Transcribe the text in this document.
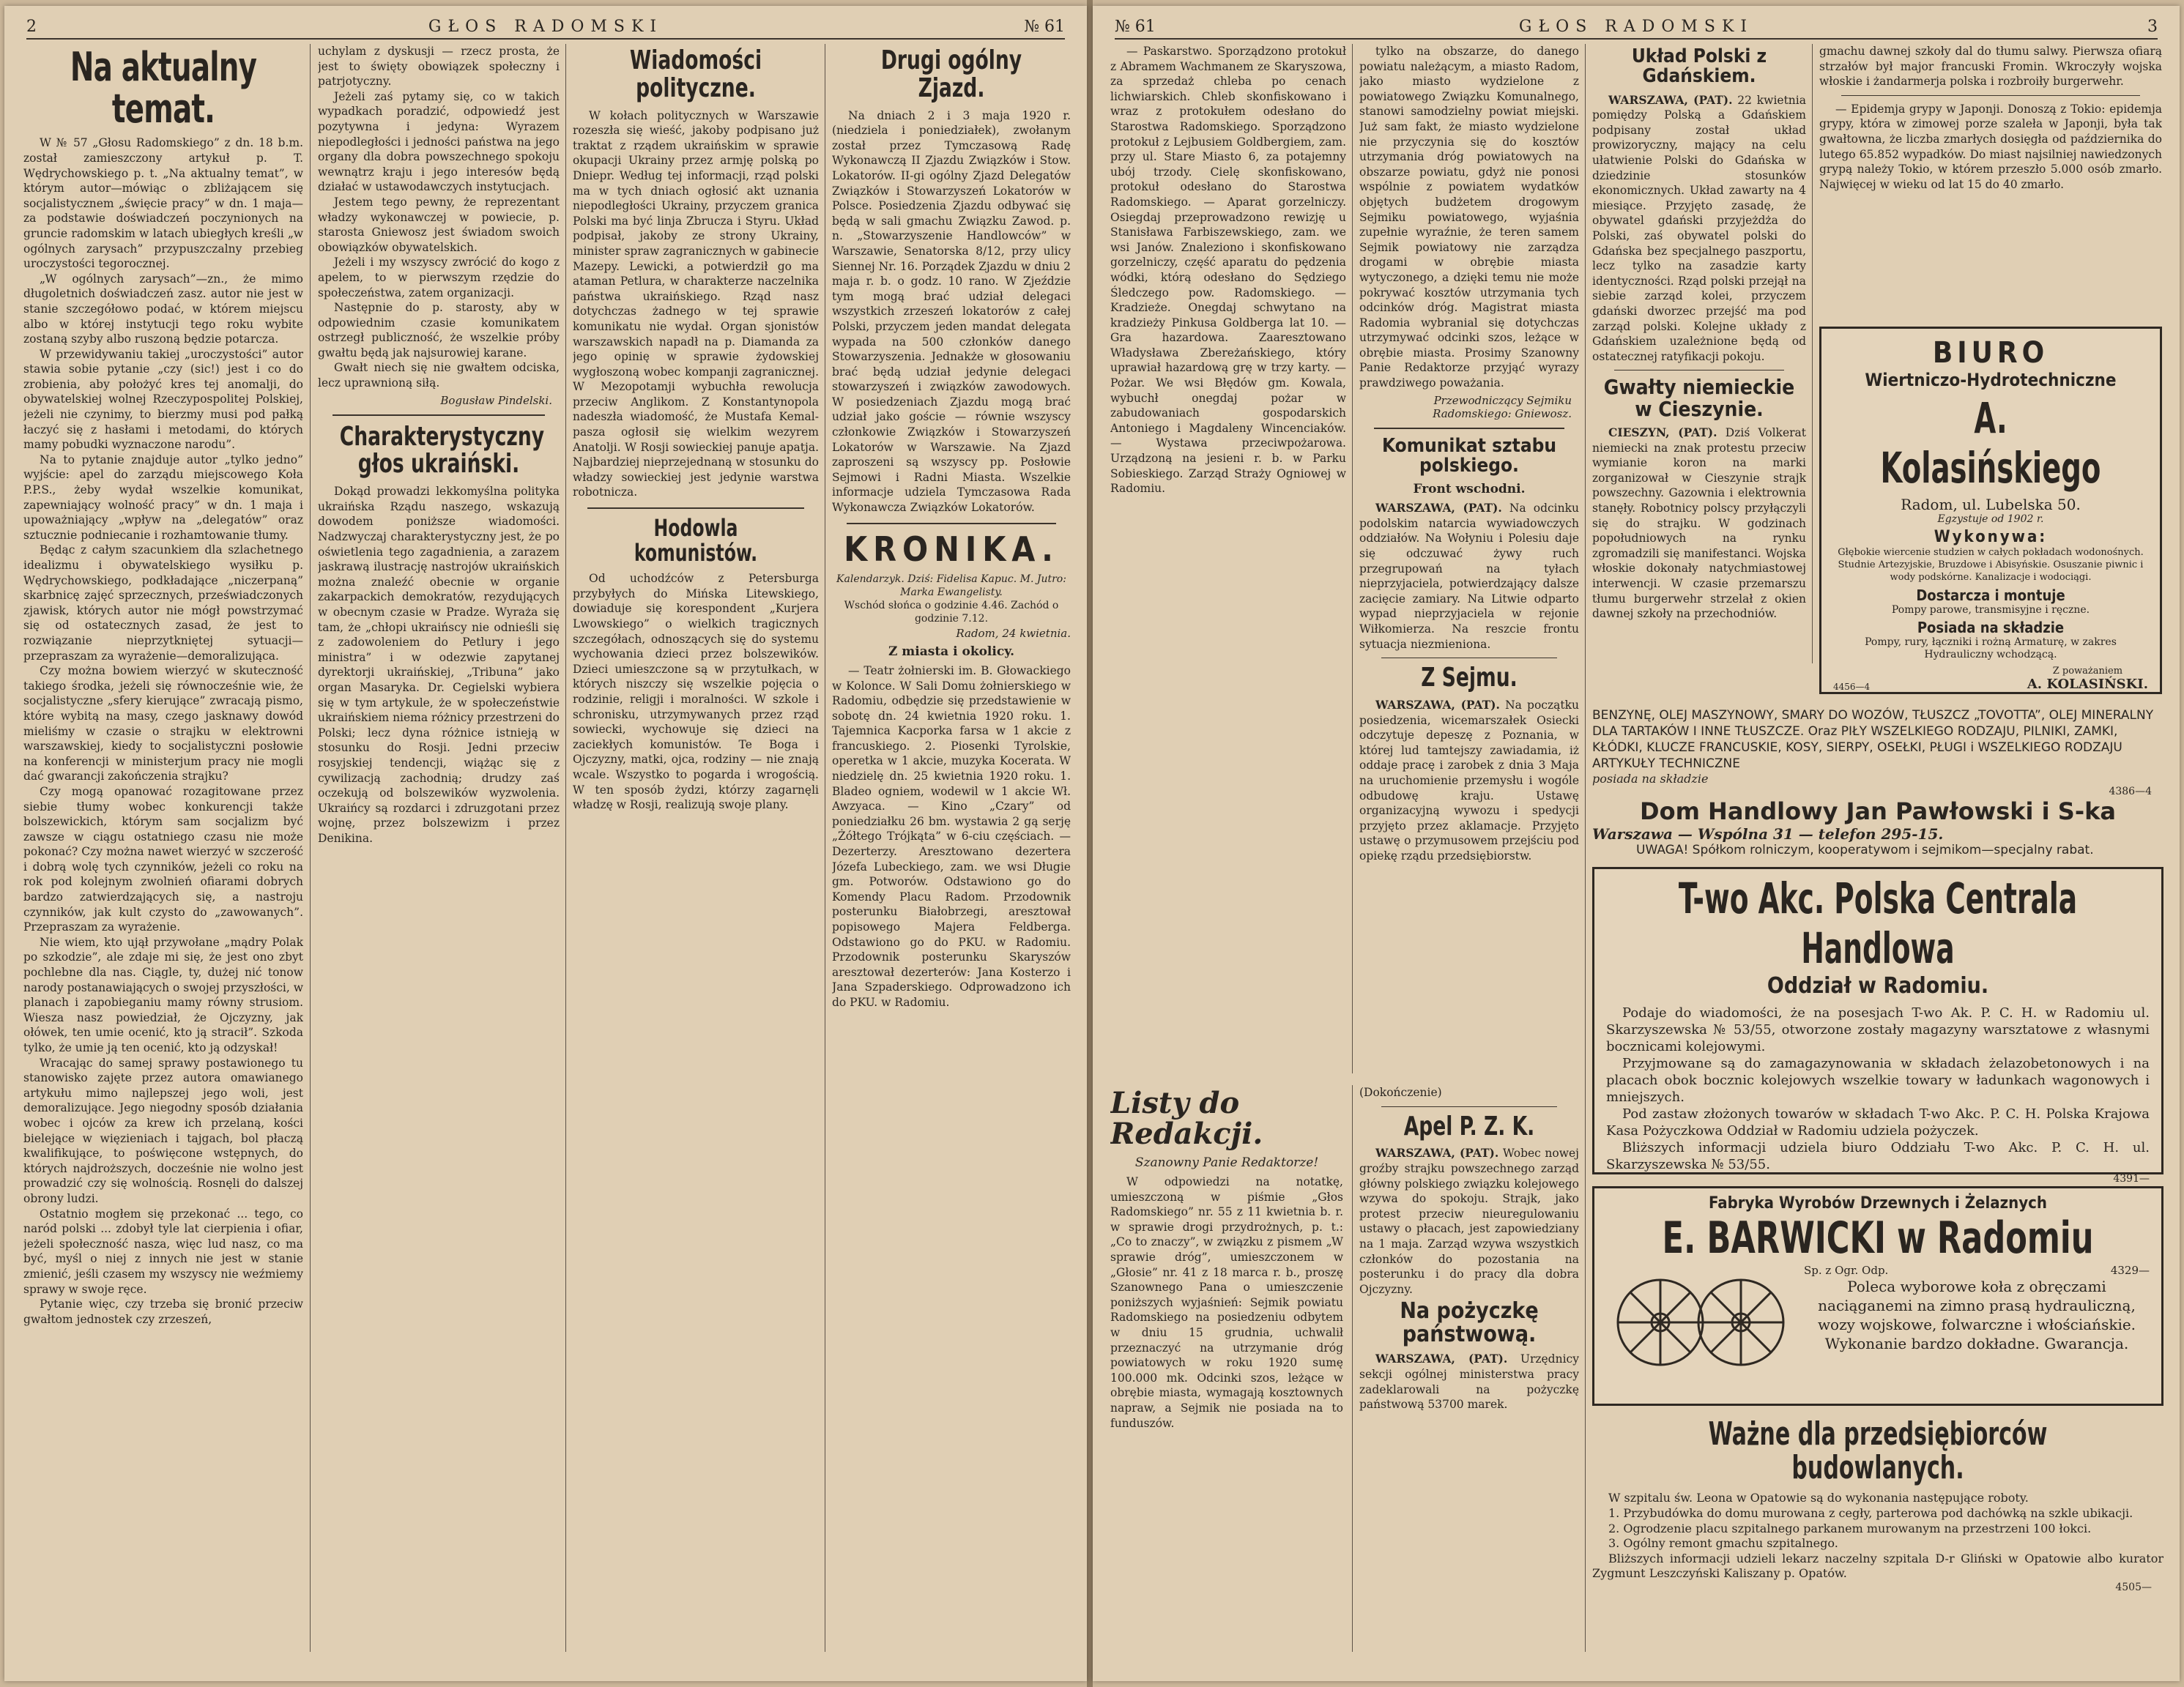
2	GŁOS RADOMSKI	№ 61
Na aktualny temat.

W № 57 „Głosu Radomskiego” z dn. 18 b.m. został zamieszczony artykuł p. T. Wędrychowskiego p. t. „Na aktualny temat”, w którym autor—mówiąc o zbliżającem się socjalistycznem „święcie pracy” w dn. 1 maja—za podstawie doświadczeń poczynionych na gruncie radomskim w latach ubiegłych kreśli „w ogólnych zarysach” przypuszczalny przebieg uroczystości tegorocznej.

„W ogólnych zarysach”—zn., że mimo długoletnich doświadczeń zasz. autor nie jest w stanie szczegółowo podać, w którem miejscu albo w której instytucji tego roku wybite zostaną szyby albo ruszoną będzie potarcza.

W przewidywaniu takiej „uroczystości” autor stawia sobie pytanie „czy (sic!) jest i co do zrobienia, aby położyć kres tej anomalji, do obywatelskiej wolnej Rzeczypospolitej Polskiej, jeżeli nie czynimy, to bierzmy musi pod pałką łaczyć się z hasłami i metodami, do których mamy pobudki wyznaczone narodu”.

Na to pytanie znajduje autor „tylko jedno” wyjście: apel do zarządu miejscowego Koła P.P.S., żeby wydał wszelkie komunikat, zapewniający wolność pracy” w dn. 1 maja i upoważniający „wpływ na „delegatów” oraz sztucznie podniecanie i rozhamtowanie tłumy.

Będąc z całym szacunkiem dla szlachetnego idealizmu i obywatelskiego wysiłku p. Wędrychowskiego, podkładające „niczerpaną” skarbnicę zajęć sprzecznych, przeświadczonych zjawisk, których autor nie mógł powstrzymać się od ostatecznych zasad, że jest to rozwiązanie nieprzytkniętej sytuacji—przepraszam za wyrażenie—demoralizująca.

Czy można bowiem wierzyć w skuteczność takiego środka, jeżeli się równocześnie wie, że socjalistyczne „sfery kierujące” zwracają pismo, które wybitą na masy, czego jasknawy dowód mieliśmy w czasie o strajku w elektrowni warszawskiej, kiedy to socjalistyczni posłowie na konferencji w ministerjum pracy nie mogli dać gwarancji zakończenia strajku?

Czy mogą opanować rozagitowane przez siebie tłumy wobec konkurencji także bolszewickich, którym sam socjalizm być zawsze w ciągu ostatniego czasu nie może pokonać? Czy można nawet wierzyć w szczerość i dobrą wolę tych czynników, jeżeli co roku na rok pod kolejnym zwolnień ofiarami dobrych bardzo zatwierdzających się, a nastroju czynników, jak kult czysto do „zawowanych”. Przepraszam za wyrażenie.

Nie wiem, kto ujął przywołane „mądry Polak po szkodzie”, ale zdaje mi się, że jest ono zbyt pochlebne dla nas. Ciągle, ty, dużej nić tonow narody postanawiających o swojej przyszłości, w planach i zapobieganiu mamy równy strusiom. Wiesza nasz powiedział, że Ojczyzny, jak ołówek, ten umie ocenić, kto ją stracił”. Szkoda tylko, że umie ją ten ocenić, kto ją odzyskał!

Wracając do samej sprawy postawionego tu stanowisko zajęte przez autora omawianego artykułu mimo najlepszej jego woli, jest demoralizujące. Jego niegodny sposób działania wobec i ojców za krew ich przelaną, kości bielejące w więzieniach i tajgach, bol płaczą kwalifikujące, to poświęcone wstępnych, do których najdroższych, docześnie nie wolno jest prowadzić czy się wolnością. Rosnęli do dalszej obrony ludzi.

Ostatnio mogłem się przekonać ... tego, co naród polski ... zdobył tyle lat cierpienia i ofiar, jeżeli społeczność nasza, więc lud nasz, co ma być, myśl o niej z innych nie jest w stanie zmienić, jeśli czasem my wszyscy nie weźmiemy sprawy w swoje ręce.

Pytanie więc, czy trzeba się bronić przeciw gwałtom jednostek czy zrzeszeń,

uchylam z dyskusji — rzecz prosta, że jest to święty obowiązek społeczny i patrjotyczny.

Jeżeli zaś pytamy się, co w takich wypadkach poradzić, odpowiedź jest pozytywna i jedyna: Wyrazem niepodległości i jedności państwa na jego organy dla dobra powszechnego spokoju wewnątrz kraju i jego interesów będą działać w ustawodawczych instytucjach.

Jestem tego pewny, że reprezentant władzy wykonawczej w powiecie, p. starosta Gniewosz jest świadom swoich obowiązków obywatelskich.

Jeżeli i my wszyscy zwrócić do kogo z apelem, to w pierwszym rzędzie do społeczeństwa, zatem organizacji.

Następnie do p. starosty, aby w odpowiednim czasie komunikatem ostrzegł publiczność, że wszelkie próby gwałtu będą jak najsurowiej karane.

Gwałt niech się nie gwałtem odciska, lecz uprawnioną siłą.

Bogusław Pindelski.
Charakterystyczny głos ukraiński.

Dokąd prowadzi lekkomyślna polityka ukraińska Rządu naszego, wskazują dowodem poniższe wiadomości. Nadzwyczaj charakterystyczny jest, że po oświetlenia tego zagadnienia, a zarazem jaskrawą ilustrację nastrojów ukraińskich można znaleźć obecnie w organie zakarpackich demokratów, rezydujących w obecnym czasie w Pradze. Wyraża się tam, że „chłopi ukraińscy nie odnieśli się z zadowoleniem do Petlury i jego ministra” i w odezwie zapytanej dyrektorji ukraińskiej, „Tribuna” jako organ Masaryka. Dr. Cegielski wybiera się w tym artykule, że w społeczeństwie ukraińskiem niema różnicy przestrzeni do Polski; lecz dyna różnice istnieją w stosunku do Rosji. Jedni przeciw rosyjskiej tendencji, wiążąc się z cywilizacją zachodnią; drudzy zaś oczekują od bolszewików wyzwolenia. Ukraińcy są rozdarci i zdruzgotani przez wojnę, przez bolszewizm i przez Denikina.

Wiadomości polityczne.

W kołach politycznych w Warszawie rozeszła się wieść, jakoby podpisano już traktat z rządem ukraińskim w sprawie okupacji Ukrainy przez armję polską po Dniepr. Według tej informacji, rząd polski ma w tych dniach ogłosić akt uznania niepodległości Ukrainy, przyczem granica Polski ma być linja Zbrucza i Styru. Układ podpisał, jakoby ze strony Ukrainy, minister spraw zagranicznych w gabinecie Mazepy. Lewicki, a potwierdził go ma ataman Petlura, w charakterze naczelnika państwa ukraińskiego. Rząd nasz dotychczas żadnego w tej sprawie komunikatu nie wydał. Organ sjonistów warszawskich napadł na p. Diamanda za jego opinię w sprawie żydowskiej wygłoszoną wobec kompanji zagranicznej. W Mezopotamji wybuchła rewolucja przeciw Anglikom. Z Konstantynopola nadeszła wiadomość, że Mustafa Kemal-pasza ogłosił się wielkim wezyrem Anatolji. W Rosji sowieckiej panuje apatja. Najbardziej nieprzejednaną w stosunku do władzy sowieckiej jest jedynie warstwa robotnicza.

Hodowla komunistów.

Od uchodźców z Petersburga przybyłych do Mińska Litewskiego, dowiaduje się korespondent „Kurjera Lwowskiego” o wielkich tragicznych szczegółach, odnoszących się do systemu wychowania dzieci przez bolszewików. Dzieci umieszczone są w przytułkach, w których niszczy się wszelkie pojęcia o rodzinie, religji i moralności. W szkole i schronisku, utrzymywanych przez rząd sowiecki, wychowuje się dzieci na zaciekłych komunistów. Te Boga i Ojczyzny, matki, ojca, rodziny — nie znają wcale. Wszystko to pogarda i wrogością. W ten sposób żydzi, którzy zagarnęli władzę w Rosji, realizują swoje plany.

Drugi ogólny Zjazd.

Na dniach 2 i 3 maja 1920 r. (niedziela i poniedziałek), zwołanym został przez Tymczasową Radę Wykonawczą II Zjazdu Związków i Stow. Lokatorów. II-gi ogólny Zjazd Delegatów Związków i Stowarzyszeń Lokatorów w Polsce. Posiedzenia Zjazdu odbywać się będą w sali gmachu Związku Zawod. p. n. „Stowarzyszenie Handlowców” w Warszawie, Senatorska 8/12, przy ulicy Siennej Nr. 16. Porządek Zjazdu w dniu 2 maja r. b. o godz. 10 rano. W Zjeździe tym mogą brać udział delegaci wszystkich zrzeszeń lokatorów z całej Polski, przyczem jeden mandat delegata wypada na 500 członków danego Stowarzyszenia. Jednakże w głosowaniu brać będą udział jedynie delegaci stowarzyszeń i związków zawodowych. W posiedzeniach Zjazdu mogą brać udział jako goście — równie wszyscy członkowie Związków i Stowarzyszeń Lokatorów w Warszawie. Na Zjazd zaproszeni są wszyscy pp. Posłowie Sejmowi i Radni Miasta. Wszelkie informacje udziela Tymczasowa Rada Wykonawcza Związków Lokatorów.

KRONIKA.
Kalendarzyk. Dziś: Fidelisa Kapuc. M. Jutro: Marka Ewangelisty.
Wschód słońca o godzinie 4.46. Zachód o godzinie 7.12.
Radom, 24 kwietnia.
Z miasta i okolicy.

— Teatr żołnierski im. B. Głowackiego w Kolonce. W Sali Domu żołnierskiego w Radomiu, odbędzie się przedstawienie w sobotę dn. 24 kwietnia 1920 roku. 1. Tajemnica Kacporka farsa w 1 akcie z francuskiego. 2. Piosenki Tyrolskie, operetka w 1 akcie, muzyka Kocerata. W niedzielę dn. 25 kwietnia 1920 roku. 1. Bladeo ogniem, wodewil w 1 akcie Wł. Awzyaca. — Kino „Czary” od poniedziałku 26 bm. wystawia 2 gą serję „Żółtego Trójkąta” w 6-ciu częściach. — Dezerterzy. Aresztowano dezertera Józefa Lubeckiego, zam. we wsi Długie gm. Potworów. Odstawiono go do Komendy Placu Radom. Przodownik posterunku Białobrzegi, aresztował popisowego Majera Feldberga. Odstawiono go do PKU. w Radomiu. Przodownik posterunku Skaryszów aresztował dezerterów: Jana Kosterzo i Jana Szpaderskiego. Odprowadzono ich do PKU. w Radomiu.

№ 61	GŁOS RADOMSKI	3

— Paskarstwo. Sporządzono protokuł z Abramem Wachmanem ze Skaryszowa, za sprzedaż chleba po cenach lichwiarskich. Chleb skonfiskowano i wraz z protokułem odesłano do Starostwa Radomskiego. Sporządzono protokuł z Lejbusiem Goldbergiem, zam. przy ul. Stare Miasto 6, za potajemny ubój trzody. Cielę skonfiskowano, protokuł odesłano do Starostwa Radomskiego. — Aparat gorzelniczy. Osiegdaj przeprowadzono rewizję u Stanisława Farbiszewskiego, zam. we wsi Janów. Znaleziono i skonfiskowano gorzelniczy, część aparatu do pędzenia wódki, którą odesłano do Sędziego Śledczego pow. Radomskiego. — Kradzieże. Onegdaj schwytano na kradzieży Pinkusa Goldberga lat 10. — Gra hazardowa. Zaaresztowano Władysława Zbereżańskiego, który uprawiał hazardową grę w trzy karty. — Pożar. We wsi Błędów gm. Kowala, wybuchł onegdaj pożar w zabudowaniach gospodarskich Antoniego i Magdaleny Wincenciaków. — Wystawa przeciwpożarowa. Urządzoną na jesieni r. b. w Parku Sobieskiego. Zarząd Straży Ogniowej w Radomiu.

tylko na obszarze, do danego powiatu należącym, a miasto Radom, jako miasto wydzielone z powiatowego Związku Komunalnego, stanowi samodzielny powiat miejski. Już sam fakt, że miasto wydzielone nie przyczynia się do kosztów utrzymania dróg powiatowych na obszarze powiatu, gdyż nie ponosi wspólnie z powiatem wydatków objętych budżetem drogowym Sejmiku powiatowego, wyjaśnia zupełnie wyraźnie, że teren samem Sejmik powiatowy nie zarządza drogami w obrębie miasta wytyczonego, a dzięki temu nie może pokrywać kosztów utrzymania tych odcinków dróg. Magistrat miasta Radomia wybranial się dotychczas utrzymywać odcinki szos, leżące w obrębie miasta. Prosimy Szanowny Panie Redaktorze przyjąć wyrazy prawdziwego poważania.

Przewodniczący Sejmiku Radomskiego: Gniewosz.
Komunikat sztabu polskiego.
Front wschodni.

WARSZAWA, (PAT). Na odcinku podolskim natarcia wywiadowczych oddziałów. Na Wołyniu i Polesiu daje się odczuwać żywy ruch przegrupowań na tyłach nieprzyjaciela, potwierdzający dalsze zacięcie zamiary. Na Litwie odparto wypad nieprzyjaciela w rejonie Wiłkomierza. Na reszcie frontu sytuacja niezmieniona.

Z Sejmu.

WARSZAWA, (PAT). Na początku posiedzenia, wicemarszałek Osiecki odczytuje depeszę z Poznania, w której lud tamtejszy zawiadamia, iż oddaje pracę i zarobek z dnia 3 Maja na uruchomienie przemysłu i wogóle odbudowę kraju. Ustawę organizacyjną wywozu i spedycji przyjęto przez aklamacje. Przyjęto ustawę o przymusowem przejściu pod opiekę rządu przedsiębiorstw.

Listy do Redakcji.
Szanowny Panie Redaktorze!

W odpowiedzi na notatkę, umieszczoną w piśmie „Głos Radomskiego” nr. 55 z 11 kwietnia b. r. w sprawie drogi przydrożnych, p. t.: „Co to znaczy”, w związku z pismem „W sprawie dróg”, umieszczonem w „Głosie” nr. 41 z 18 marca r. b., proszę Szanownego Pana o umieszczenie poniższych wyjaśnień: Sejmik powiatu Radomskiego na posiedzeniu odbytem w dniu 15 grudnia, uchwalił przeznaczyć na utrzymanie dróg powiatowych w roku 1920 sumę 100.000 mk. Odcinki szos, leżące w obrębie miasta, wymagają kosztownych napraw, a Sejmik nie posiada na to funduszów.

(Dokończenie)

Apel P. Z. K.

WARSZAWA, (PAT). Wobec nowej groźby strajku powszechnego zarząd główny polskiego związku kolejowego wzywa do spokoju. Strajk, jako protest przeciw nieuregulowaniu ustawy o płacach, jest zapowiedziany na 1 maja. Zarząd wzywa wszystkich członków do pozostania na posterunku i do pracy dla dobra Ojczyzny.

Na pożyczkę państwową.

WARSZAWA, (PAT). Urzędnicy sekcji ogólnej ministerstwa pracy zadeklarowali na pożyczkę państwową 53700 marek.

Układ Polski z Gdańskiem.

WARSZAWA, (PAT). 22 kwietnia pomiędzy Polską a Gdańskiem podpisany został układ prowizoryczny, mający na celu ułatwienie Polski do Gdańska w dziedzinie stosunków ekonomicznych. Układ zawarty na 4 miesiące. Przyjęto zasadę, że obywatel gdański przyjeżdża do Polski, zaś obywatel polski do Gdańska bez specjalnego paszportu, lecz tylko na zasadzie karty identyczności. Rząd polski przejął na siebie zarząd kolei, przyczem gdański dworzec przejść ma pod zarząd polski. Kolejne układy z Gdańskiem uzależnione będą od ostatecznej ratyfikacji pokoju.

Gwałty niemieckie w Cieszynie.

CIESZYN, (PAT). Dziś Volkerat niemiecki na znak protestu przeciw wymianie koron na marki zorganizował w Cieszynie strajk powszechny. Gazownia i elektrownia stanęły. Robotnicy polscy przyłączyli się do strajku. W godzinach popołudniowych na rynku zgromadzili się manifestanci. Wojska włoskie dokonały natychmiastowej interwencji. W czasie przemarszu tłumu burgerwehr strzelał z okien dawnej szkoły na przechodniów.

gmachu dawnej szkoły dal do tłumu salwy. Pierwsza ofiarą strzałów był major francuski Fromin. Wkroczyły wojska włoskie i żandarmerja polska i rozbroiły burgerwehr.

— Epidemja grypy w Japonji. Donoszą z Tokio: epidemja grypy, która w zimowej porze szaleła w Japonji, była tak gwałtowna, że liczba zmarłych dosięgła od października do lutego 65.852 wypadków. Do miast najsilniej nawiedzonych grypą należy Tokio, w którem przeszło 5.000 osób zmarło. Najwięcej w wieku od lat 15 do 40 zmarło.

BIURO
Wiertniczo-Hydrotechniczne
A. Kolasińskiego
Radom, ul. Lubelska 50.
Egzystuje od 1902 r.
Wykonywa:
Głębokie wiercenie studzien w całych pokładach wodonośnych. Studnie Artezyjskie, Bruzdowe i Abisyńskie. Osuszanie piwnic i wody podskórne. Kanalizacje i wodociągi.
Dostarcza i montuje
Pompy parowe, transmisyjne i ręczne.
Posiada na składzie
Pompy, rury, łączniki i rożną Armaturę, w zakres Hydrauliczny wchodzącą.
4456—4
Z poważaniem
A. KOLASIŃSKI.
BENZYNĘ, OLEJ MASZYNOWY, SMARY DO WOZÓW, TŁUSZCZ „TOVOTTA”, OLEJ MINERALNY DLA TARTAKÓW I INNE TŁUSZCZE. Oraz PIŁY WSZELKIEGO RODZAJU, PILNIKI, ZAMKI, KŁÓDKI, KLUCZE FRANCUSKIE, KOSY, SIERPY, OSEŁKI, PŁUGI i WSZELKIEGO RODZAJU ARTYKUŁY TECHNICZNE
posiada na składzie
4386—4
Dom Handlowy Jan Pawłowski i S-ka
Warszawa — Wspólna 31 — telefon 295-15.
UWAGA! Spółkom rolniczym, kooperatywom i sejmikom—specjalny rabat.
T-wo Akc. Polska Centrala Handlowa
Oddział w Radomiu.

Podaje do wiadomości, że na posesjach T-wo Ak. P. C. H. w Radomiu ul. Skarzyszewska № 53/55, otworzone zostały magazyny warsztatowe z własnymi bocznicami kolejowymi.

Przyjmowane są do zamagazynowania w składach żelazobetonowych i na placach obok bocznic kolejowych wszelkie towary w ładunkach wagonowych i mniejszych.

Pod zastaw złożonych towarów w składach T-wo Akc. P. C. H. Polska Krajowa Kasa Pożyczkowa Oddział w Radomiu udziela pożyczek.

Bliższych informacji udziela biuro Oddziału T-wo Akc. P. C. H. ul. Skarzyszewska № 53/55.

4391—
Fabryka Wyrobów Drzewnych i Żelaznych
E. BARWICKI w Radomiu
Sp. z Ogr. Odp.	4329—

Polecа wyborowe koła z obręczami naciąganemi na zimno prasą hydrauliczną, wozy wojskowe, folwarczne i włościańskie. Wykonanie bardzo dokładne. Gwarancja.

Ważne dla przedsiębiorców budowlanych.

W szpitalu św. Leona w Opatowie są do wykonania następujące roboty.

1. Przybudówka do domu murowana z cegły, parterowa pod dachówką na szkle ubikacji.

2. Ogrodzenie placu szpitalnego parkanem murowanym na przestrzeni 100 łokci.

3. Ogólny remont gmachu szpitalnego.

Bliższych informacji udzieli lekarz naczelny szpitala D-r Gliński w Opatowie albo kurator Zygmunt Leszczyński Kaliszany p. Opatów.

4505—
